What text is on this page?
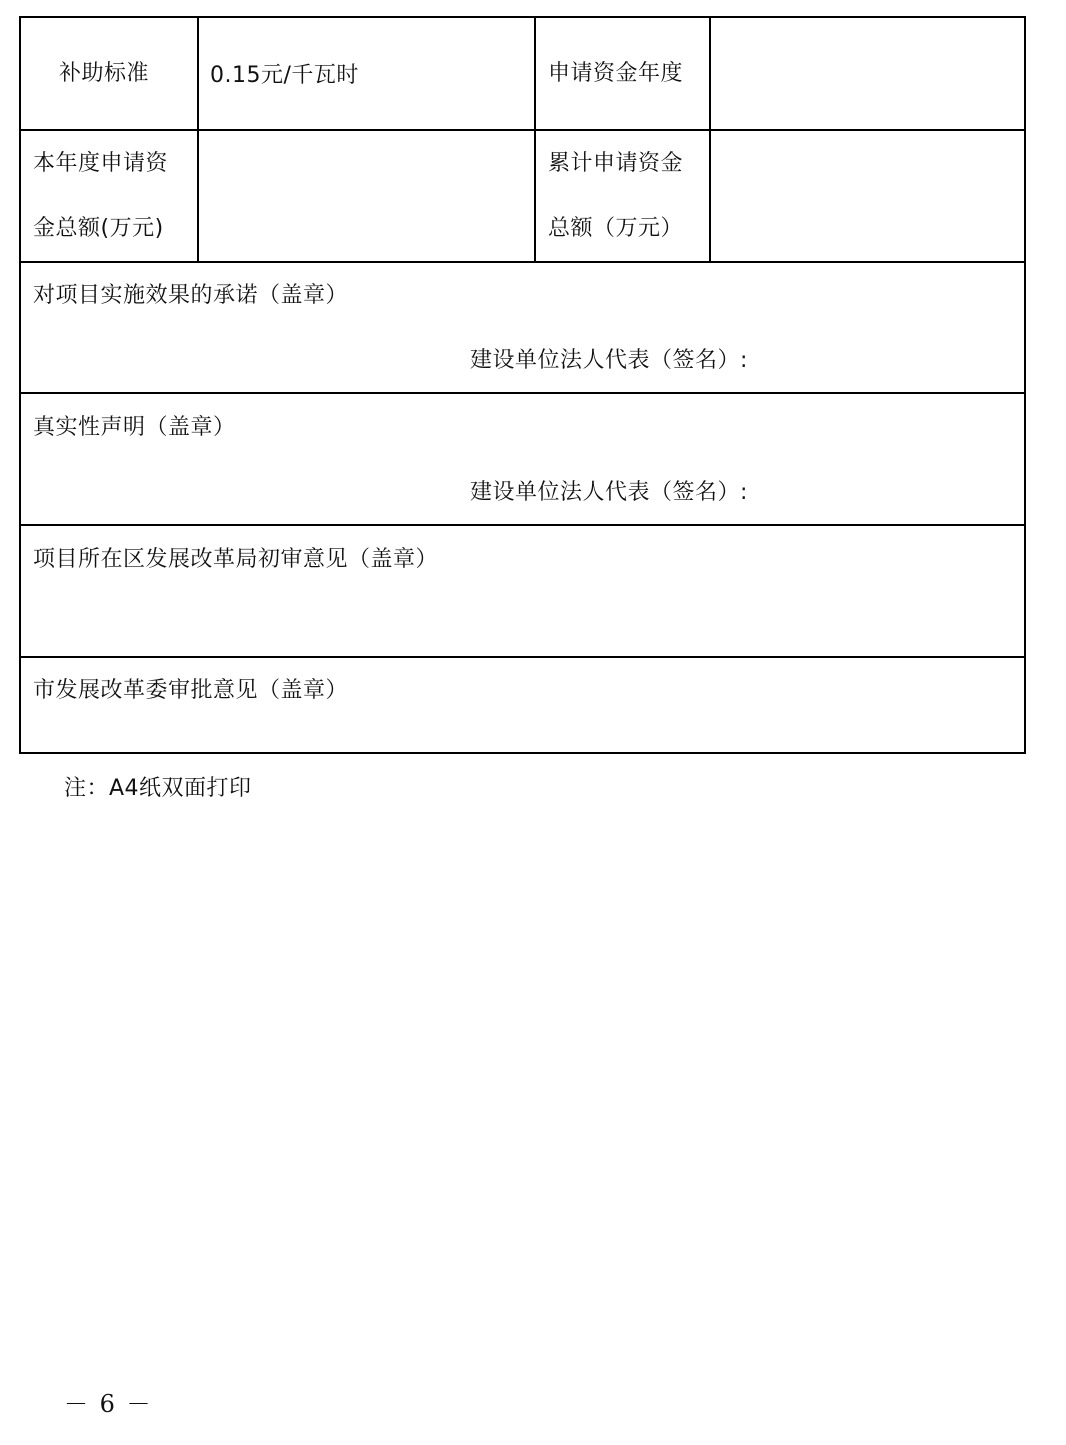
补助标准	0.15元/千瓦时	申请资金年度
本年度申请资
金总额(万元)
累计申请资金
总额（万元）
对项目实施效果的承诺（盖章）
建设单位法人代表（签名）:
真实性声明（盖章）
建设单位法人代表（签名）:
项目所在区发展改革局初审意见（盖章）
市发展改革委审批意见（盖章）
注：A4纸双面打印
－ 6 －
